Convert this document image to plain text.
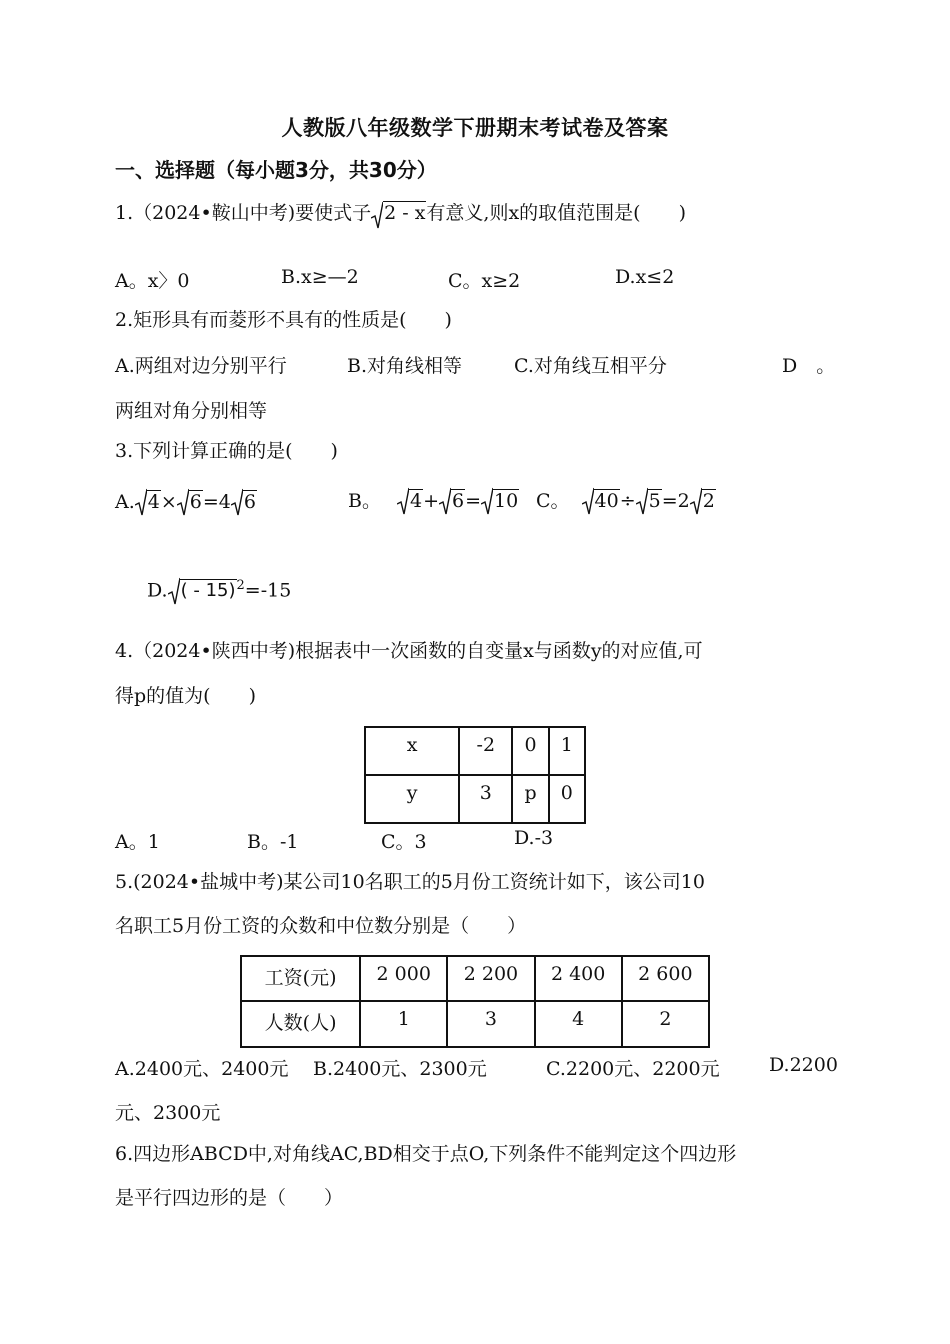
人教版八年级数学下册期末考试卷及答案
一、选择题（每小题3分，共30分）
1.（2024•鞍山中考)要使式子 2 - x有意义,则x的取值范围是(　　)
A。x〉0	B.x≥—2	C。x≥2	D.x≤2
2.矩形具有而菱形不具有的性质是(　　)
A.两组对边分别平行	B.对角线相等	C.对角线互相平分	D　。
两组对角分别相等
3.下列计算正确的是(　　)
A. 4× 6=4 6	B。 4+ 6= 10 C。 40÷ 5=2 2
D. ( - 15)$^2$=-15
4.（2024•陕西中考)根据表中一次函数的自变量x与函数y的对应值,可
得p的值为(　　)
x	-2	0	1
y	3	p	0
A。1	B。-1	C。3	D.-3
5.(2024•盐城中考)某公司10名职工的5月份工资统计如下，该公司10
名职工5月份工资的众数和中位数分别是（　　）
工资(元)	2 000	2 200	2 400	2 600
人数(人)	1	3	4	2
A.2400元、2400元 B.2400元、2300元	C.2200元、2200元	D.2200
元、2300元
6.四边形ABCD中,对角线AC,BD相交于点O,下列条件不能判定这个四边形
是平行四边形的是（　　）
